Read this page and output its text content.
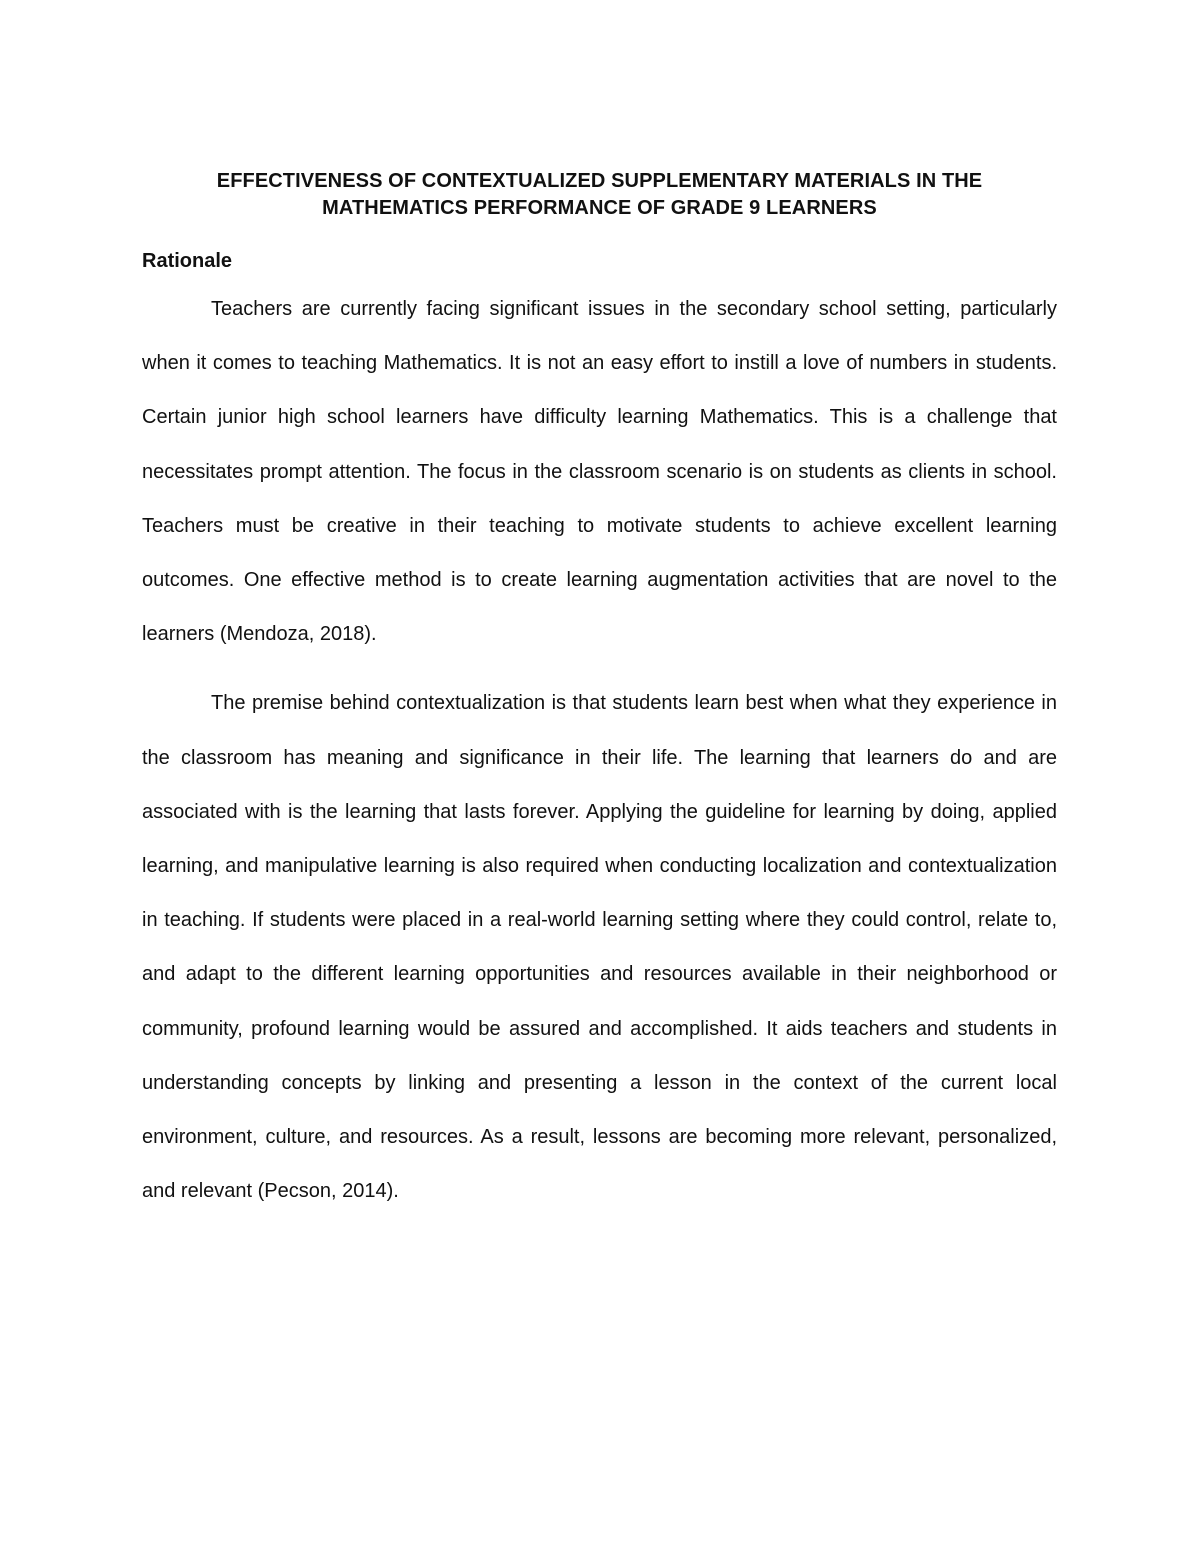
EFFECTIVENESS OF CONTEXTUALIZED SUPPLEMENTARY MATERIALS IN THE
MATHEMATICS PERFORMANCE OF GRADE 9 LEARNERS
Rationale

Teachers are currently facing significant issues in the secondary school setting, particularly when it comes to teaching Mathematics. It is not an easy effort to instill a love of numbers in students. Certain junior high school learners have difficulty learning Mathematics. This is a challenge that necessitates prompt attention. The focus in the classroom scenario is on students as clients in school. Teachers must be creative in their teaching to motivate students to achieve excellent learning outcomes. One effective method is to create learning augmentation activities that are novel to the learners (Mendoza, 2018).

The premise behind contextualization is that students learn best when what they experience in the classroom has meaning and significance in their life. The learning that learners do and are associated with is the learning that lasts forever. Applying the guideline for learning by doing, applied learning, and manipulative learning is also required when conducting localization and contextualization in teaching. If students were placed in a real-world learning setting where they could control, relate to, and adapt to the different learning opportunities and resources available in their neighborhood or community, profound learning would be assured and accomplished. It aids teachers and students in understanding concepts by linking and presenting a lesson in the context of the current local environment, culture, and resources. As a result, lessons are becoming more relevant, personalized, and relevant (Pecson, 2014).
